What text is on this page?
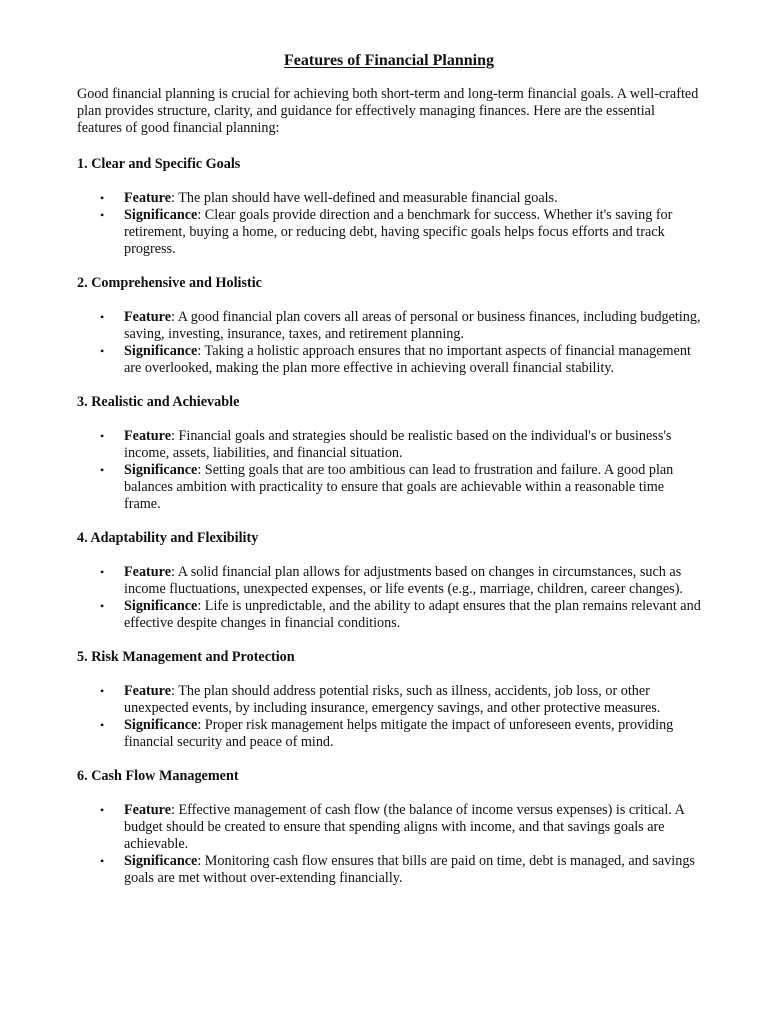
Features of Financial Planning
Good financial planning is crucial for achieving both short-term and long-term financial goals. A well-crafted plan provides structure, clarity, and guidance for effectively managing finances. Here are the essential features of good financial planning:
1. Clear and Specific Goals
• Feature: The plan should have well-defined and measurable financial goals.
• Significance: Clear goals provide direction and a benchmark for success. Whether it's saving for retirement, buying a home, or reducing debt, having specific goals helps focus efforts and track progress.
2. Comprehensive and Holistic
• Feature: A good financial plan covers all areas of personal or business finances, including budgeting, saving, investing, insurance, taxes, and retirement planning.
• Significance: Taking a holistic approach ensures that no important aspects of financial management are overlooked, making the plan more effective in achieving overall financial stability.
3. Realistic and Achievable
• Feature: Financial goals and strategies should be realistic based on the individual's or business's income, assets, liabilities, and financial situation.
• Significance: Setting goals that are too ambitious can lead to frustration and failure. A good plan balances ambition with practicality to ensure that goals are achievable within a reasonable time frame.
4. Adaptability and Flexibility
• Feature: A solid financial plan allows for adjustments based on changes in circumstances, such as income fluctuations, unexpected expenses, or life events (e.g., marriage, children, career changes).
• Significance: Life is unpredictable, and the ability to adapt ensures that the plan remains relevant and effective despite changes in financial conditions.
5. Risk Management and Protection
• Feature: The plan should address potential risks, such as illness, accidents, job loss, or other unexpected events, by including insurance, emergency savings, and other protective measures.
• Significance: Proper risk management helps mitigate the impact of unforeseen events, providing financial security and peace of mind.
6. Cash Flow Management
• Feature: Effective management of cash flow (the balance of income versus expenses) is critical. A budget should be created to ensure that spending aligns with income, and that savings goals are achievable.
• Significance: Monitoring cash flow ensures that bills are paid on time, debt is managed, and savings goals are met without over-extending financially.
